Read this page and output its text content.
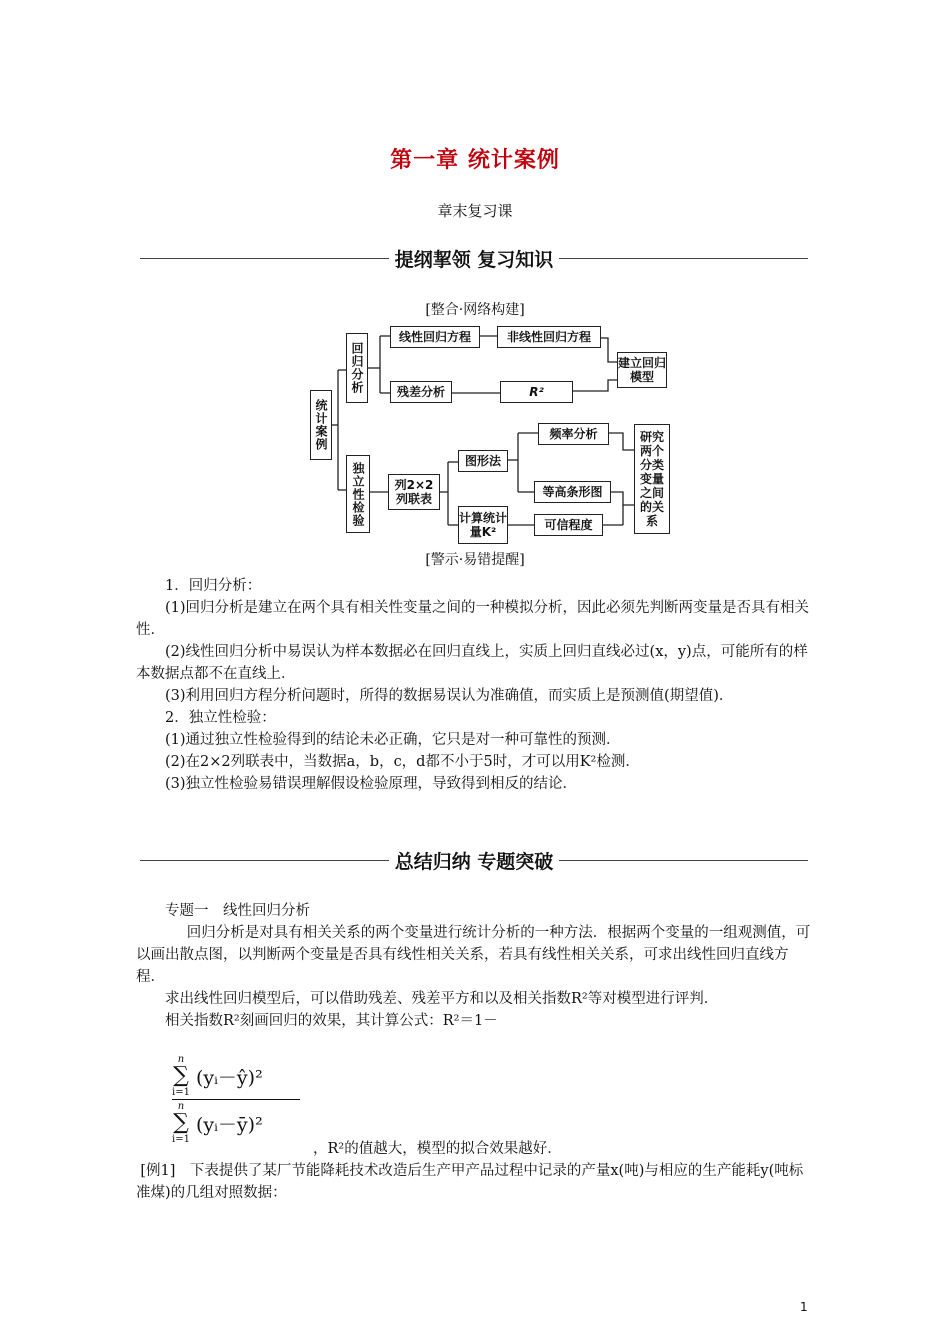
第一章 统计案例
章末复习课
提纲挈领 复习知识
[整合·网络构建]
统计案例
回归分析
独立性检验
线性回归方程	非线性回归方程
建立回归模型
残差分析	R²
列2×2列联表
图形法
频率分析
等高条形图
计算统计量K²	可信程度
研究两个分类变量之间的关系
[警示·易错提醒]
1．回归分析：
(1)回归分析是建立在两个具有相关性变量之间的一种模拟分析，因此必须先判断两变量是否具有相关性．
(2)线性回归分析中易误认为样本数据必在回归直线上，实质上回归直线必过(x，y)点，可能所有的样本数据点都不在直线上．
(3)利用回归方程分析问题时，所得的数据易误认为准确值，而实质上是预测值(期望值)．
2．独立性检验：
(1)通过独立性检验得到的结论未必正确，它只是对一种可靠性的预测．
(2)在2×2列联表中，当数据a，b，c，d都不小于5时，才可以用K²检测．
(3)独立性检验易错误理解假设检验原理，导致得到相反的结论．
总结归纳 专题突破
专题一　线性回归分析
回归分析是对具有相关关系的两个变量进行统计分析的一种方法．根据两个变量的一组观测值，可以画出散点图，以判断两个变量是否具有线性相关关系，若具有线性相关关系，可求出线性回归直线方程．
求出线性回归模型后，可以借助残差、残差平方和以及相关指数R²等对模型进行评判．
相关指数R²刻画回归的效果，其计算公式：R²＝1－
n
∑
i=1
(yᵢ－ŷ)²
n
∑
i=1
(yᵢ－ȳ)²
，R²的值越大，模型的拟合效果越好．
[例1]　下表提供了某厂节能降耗技术改造后生产甲产品过程中记录的产量x(吨)与相应的生产能耗y(吨标准煤)的几组对照数据：
1
